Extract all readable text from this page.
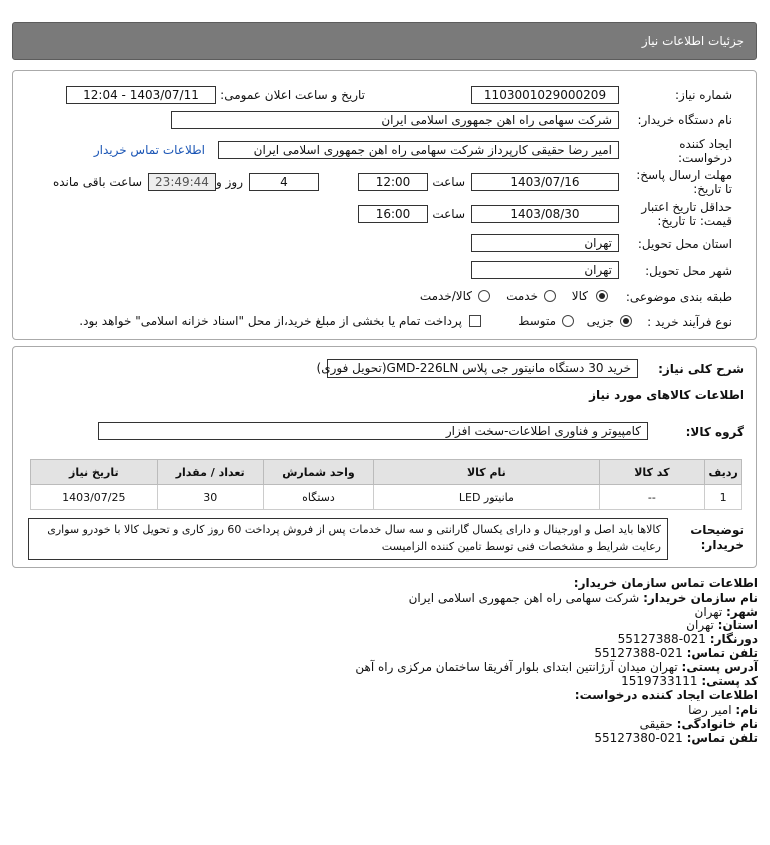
جزئیات اطلاعات نیاز
شماره نیاز:
1103001029000209
تاریخ و ساعت اعلان عمومی:
1403/07/11 - 12:04
نام دستگاه خریدار:
شرکت سهامی راه اهن جمهوری اسلامی ایران
ایجاد کننده
درخواست:
امیر رضا حقیقی کارپرداز شرکت سهامی راه اهن جمهوری اسلامی ایران
اطلاعات تماس خریدار
مهلت ارسال پاسخ:
تا تاریخ:
1403/07/16
ساعت
12:00
4
روز و
23:49:44
ساعت باقی مانده
حداقل تاریخ اعتبار
قیمت: تا تاریخ:
1403/08/30
ساعت
16:00
استان محل تحویل:
تهران
شهر محل تحویل:
تهران
طبقه بندی موضوعی:
کالا
خدمت
کالا/خدمت
نوع فرآیند خرید :
جزیی
متوسط
پرداخت تمام یا بخشی از مبلغ خرید،از محل "اسناد خزانه اسلامی" خواهد بود.
شرح کلی نیاز:
خرید 30 دستگاه مانیتور جی پلاس GMD-226LN(تحویل فوری)
اطلاعات کالاهای مورد نیاز
گروه کالا:
کامپیوتر و فناوری اطلاعات-سخت افزار
ردیف	کد کالا	نام کالا	واحد شمارش	تعداد / مقدار	تاریخ نیاز
1	--	مانیتور LED	دستگاه	30	1403/07/25
توضیحات
خریدار:
کالاها باید اصل و اورجینال و دارای یکسال گارانتی و سه سال خدمات پس از فروش پرداخت 60 روز کاری و تحویل کالا با خودرو سواری رعایت شرایط و مشخصات فنی توسط تامین کننده الزامیست
اطلاعات تماس سازمان خریدار:
نام سازمان خریدار: شرکت سهامی راه اهن جمهوری اسلامی ایران
شهر: تهران
استان: تهران
دورنگار: 021-55127388
تلفن تماس: 021-55127388
آدرس پستی: تهران میدان آرژانتین ابتدای بلوار آفریقا ساختمان مرکزی راه آهن
کد پستی: 1519733111
اطلاعات ایجاد کننده درخواست:
نام: امیر رضا
نام خانوادگی: حقیقی
تلفن تماس: 021-55127380
